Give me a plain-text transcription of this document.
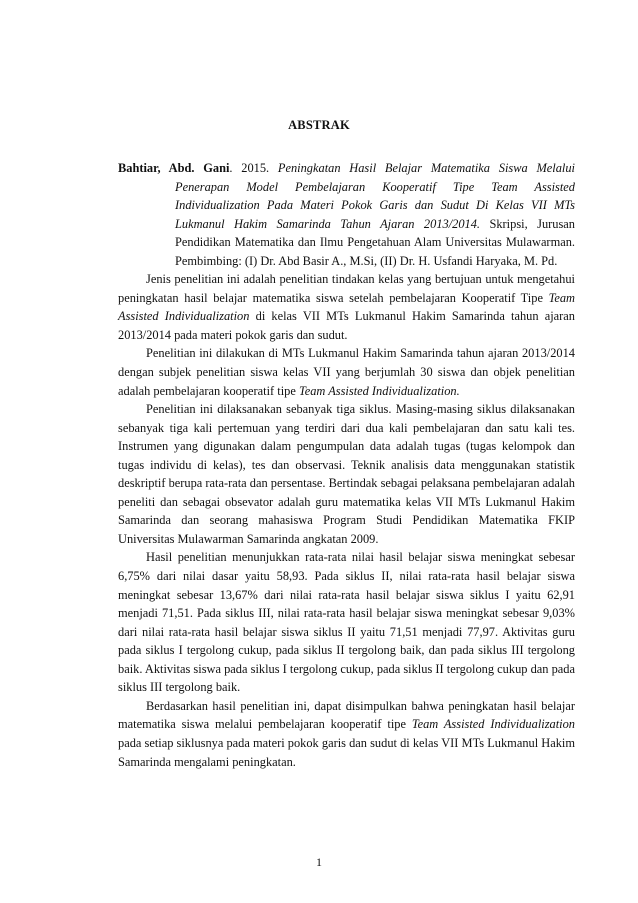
ABSTRAK

Bahtiar, Abd. Gani. 2015. Peningkatan Hasil Belajar Matematika Siswa Melalui Penerapan Model Pembelajaran Kooperatif Tipe Team Assisted Individualization Pada Materi Pokok Garis dan Sudut Di Kelas VII MTs Lukmanul Hakim Samarinda Tahun Ajaran 2013/2014. Skripsi, Jurusan Pendidikan Matematika dan Ilmu Pengetahuan Alam Universitas Mulawarman. Pembimbing: (I) Dr. Abd Basir A., M.Si, (II) Dr. H. Usfandi Haryaka, M. Pd.

Jenis penelitian ini adalah penelitian tindakan kelas yang bertujuan untuk mengetahui peningkatan hasil belajar matematika siswa setelah pembelajaran Kooperatif Tipe Team Assisted Individualization di kelas VII MTs Lukmanul Hakim Samarinda tahun ajaran 2013/2014 pada materi pokok garis dan sudut.

Penelitian ini dilakukan di MTs Lukmanul Hakim Samarinda tahun ajaran 2013/2014 dengan subjek penelitian siswa kelas VII yang berjumlah 30 siswa dan objek penelitian adalah pembelajaran kooperatif tipe Team Assisted Individualization.

Penelitian ini dilaksanakan sebanyak tiga siklus. Masing-masing siklus dilaksanakan sebanyak tiga kali pertemuan yang terdiri dari dua kali pembelajaran dan satu kali tes. Instrumen yang digunakan dalam pengumpulan data adalah tugas (tugas kelompok dan tugas individu di kelas), tes dan observasi. Teknik analisis data menggunakan statistik deskriptif berupa rata-rata dan persentase. Bertindak sebagai pelaksana pembelajaran adalah peneliti dan sebagai obsevator adalah guru matematika kelas VII MTs Lukmanul Hakim Samarinda dan seorang mahasiswa Program Studi Pendidikan Matematika FKIP Universitas Mulawarman Samarinda angkatan 2009.

Hasil penelitian menunjukkan rata-rata nilai hasil belajar siswa meningkat sebesar 6,75% dari nilai dasar yaitu 58,93. Pada siklus II, nilai rata-rata hasil belajar siswa meningkat sebesar 13,67% dari nilai rata-rata hasil belajar siswa siklus I yaitu 62,91 menjadi 71,51. Pada siklus III, nilai rata-rata hasil belajar siswa meningkat sebesar 9,03% dari nilai rata-rata hasil belajar siswa siklus II yaitu 71,51 menjadi 77,97. Aktivitas guru pada siklus I tergolong cukup, pada siklus II tergolong baik, dan pada siklus III tergolong baik. Aktivitas siswa pada siklus I tergolong cukup, pada siklus II tergolong cukup dan pada siklus III tergolong baik.

Berdasarkan hasil penelitian ini, dapat disimpulkan bahwa peningkatan hasil belajar matematika siswa melalui pembelajaran kooperatif tipe Team Assisted Individualization pada setiap siklusnya pada materi pokok garis dan sudut di kelas VII MTs Lukmanul Hakim Samarinda mengalami peningkatan.

1
